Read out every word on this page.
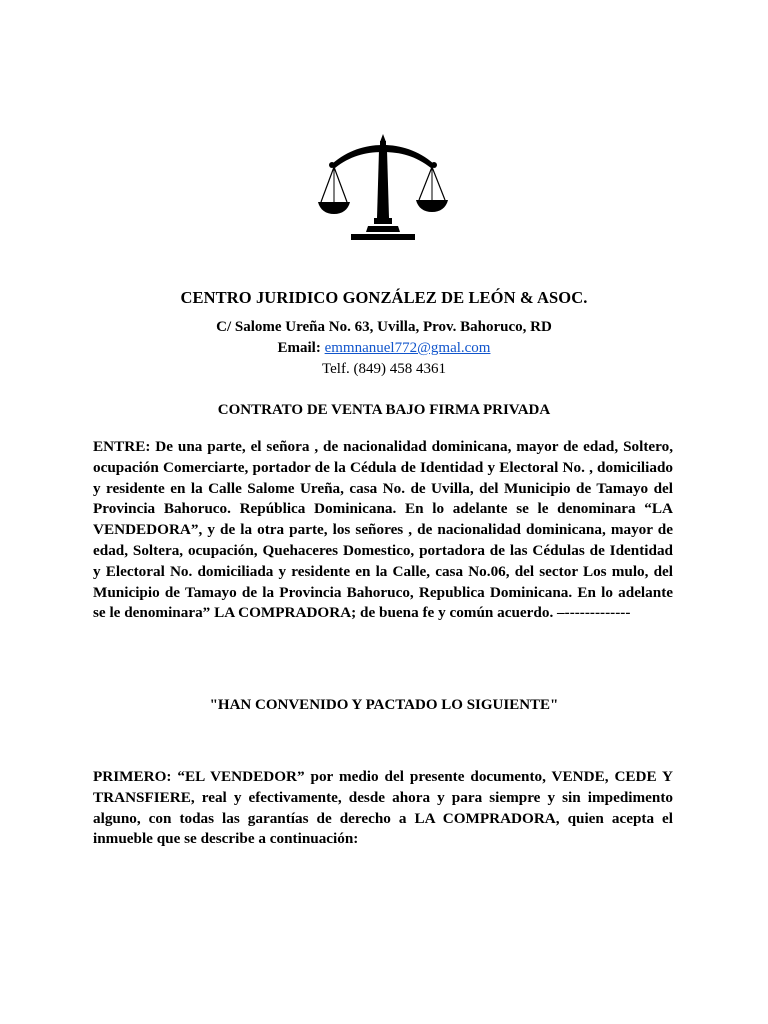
CENTRO JURIDICO GONZÁLEZ DE LEÓN & ASOC.
C/ Salome Ureña No. 63, Uvilla, Prov. Bahoruco, RD
Email: emmnanuel772@gmal.com
Telf. (849) 458 4361
CONTRATO DE VENTA BAJO FIRMA PRIVADA

ENTRE: De una parte, el señora , de nacionalidad dominicana, mayor de edad, Soltero, ocupación Comerciarte, portador de la Cédula de Identidad y Electoral No. , domiciliado y residente en la Calle Salome Ureña, casa No. de Uvilla, del Municipio de Tamayo del Provincia Bahoruco. República Dominicana. En lo adelante se le denominara “LA VENDEDORA”, y de la otra parte, los señores , de nacionalidad dominicana, mayor de edad, Soltera, ocupación, Quehaceres Domestico, portadora de las Cédulas de Identidad y Electoral No. domiciliada y residente en la Calle, casa No.06, del sector Los mulo, del Municipio de Tamayo de la Provincia Bahoruco, Republica Dominicana. En lo adelante se le denominara” LA COMPRADORA; de buena fe y común acuerdo. –-------------

"HAN CONVENIDO Y PACTADO LO SIGUIENTE"

PRIMERO: “EL VENDEDOR” por medio del presente documento, VENDE, CEDE Y TRANSFIERE, real y efectivamente, desde ahora y para siempre y sin impedimento alguno, con todas las garantías de derecho a LA COMPRADORA, quien acepta el inmueble que se describe a continuación:
